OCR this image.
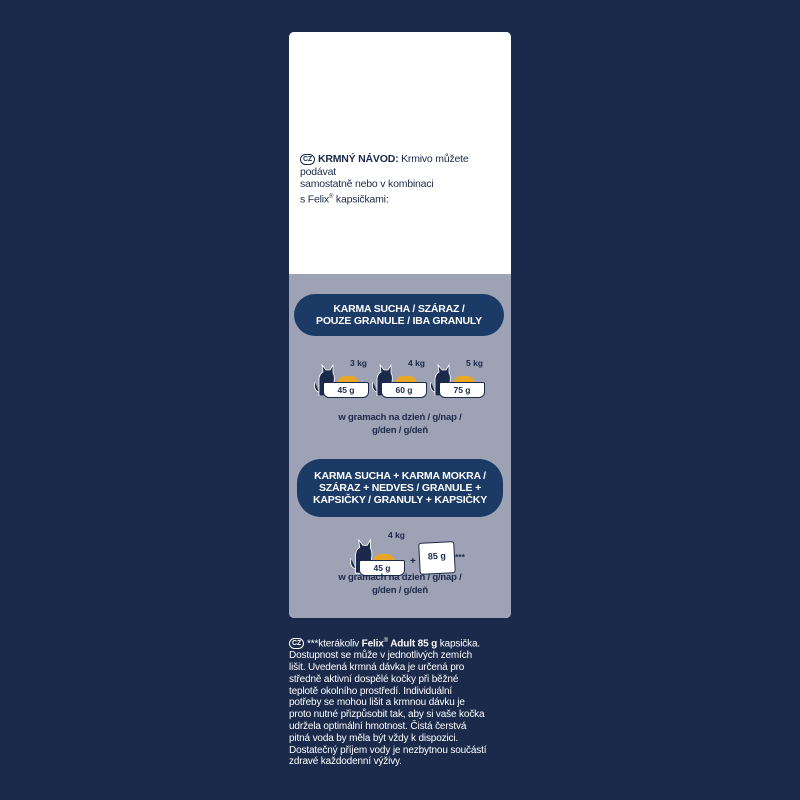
CZ KRMNÝ NÁVOD: Krmivo můžete podávat
samostatně nebo v kombinaci
s Felix® kapsičkami:
KARMA SUCHA / SZÁRAZ /
POUZE GRANULE / IBA GRANULY
3 kg
45 g
4 kg
60 g
5 kg
75 g
w gramach na dzień / g/nap /
g/den / g/deň
KARMA SUCHA + KARMA MOKRA /
SZÁRAZ + NEDVES / GRANULE +
KAPSIČKY / GRANULY + KAPSIČKY
4 kg
45 g
+	85 g	***
w gramach na dzień / g/nap /
g/den / g/deň
CZ ***kterákoliv Felix® Adult 85 g kapsička.
Dostupnost se může v jednotlivých zemích
lišit. Uvedená krmná dávka je určená pro
středně aktivní dospělé kočky při běžné
teplotě okolního prostředí. Individuální
potřeby se mohou lišit a krmnou dávku je
proto nutné přizpůsobit tak, aby si vaše kočka
udržela optimální hmotnost. Čistá čerstvá
pitná voda by měla být vždy k dispozici.
Dostatečný příjem vody je nezbytnou součástí
zdravé každodenní výživy.
